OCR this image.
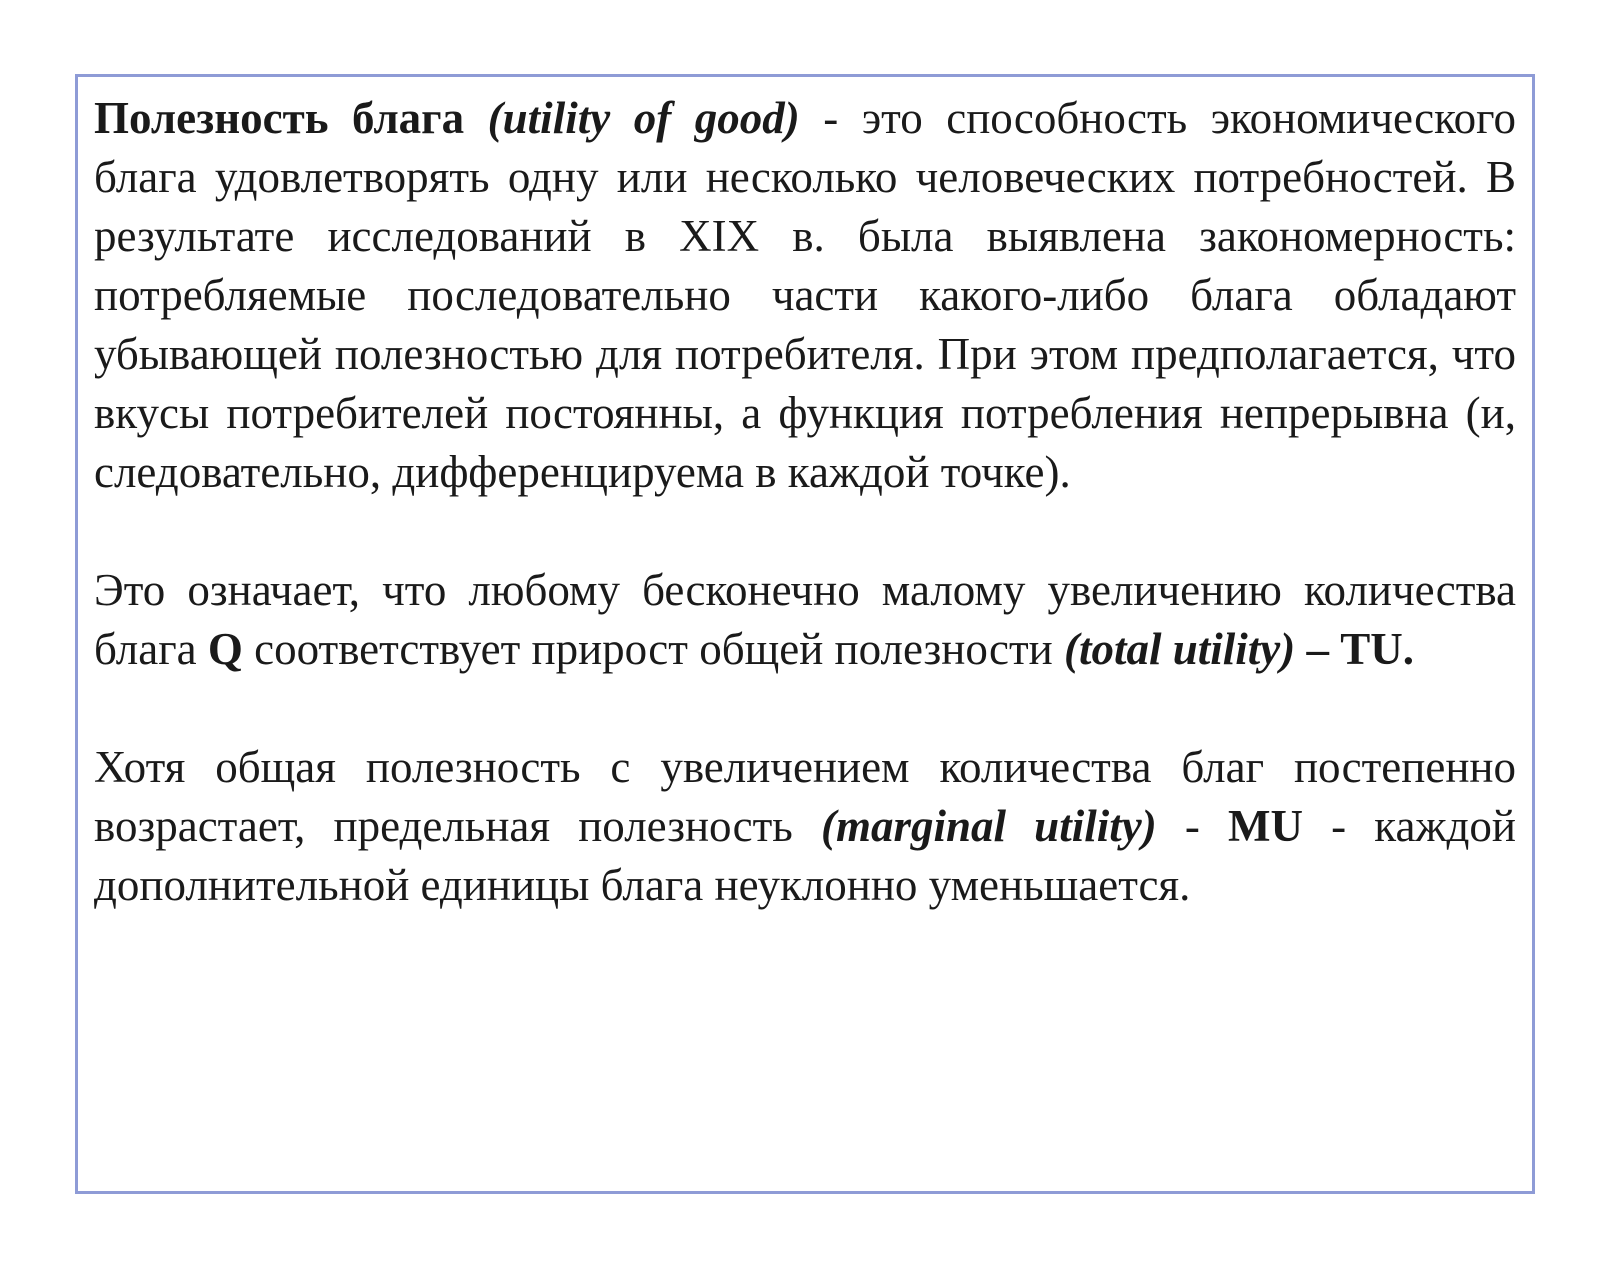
Полезность блага (utility of good) - это способность экономического блага удовлетворять одну или несколько человеческих потребностей. В результате исследований в XIX в. была выявлена закономерность: потребляемые последовательно части какого-либо блага обладают убывающей полезностью для потребителя. При этом предполагается, что вкусы потребителей постоянны, а функция потребления непрерывна (и, следовательно, дифференцируема в каждой точке).

Это означает, что любому бесконечно малому увеличению количества блага Q соответствует прирост общей полезности (total utility) – TU.

Хотя общая полезность с увеличением количества благ постепенно возрастает, предельная полезность (marginal utility) - MU - каждой дополнительной единицы блага неуклонно уменьшается.
